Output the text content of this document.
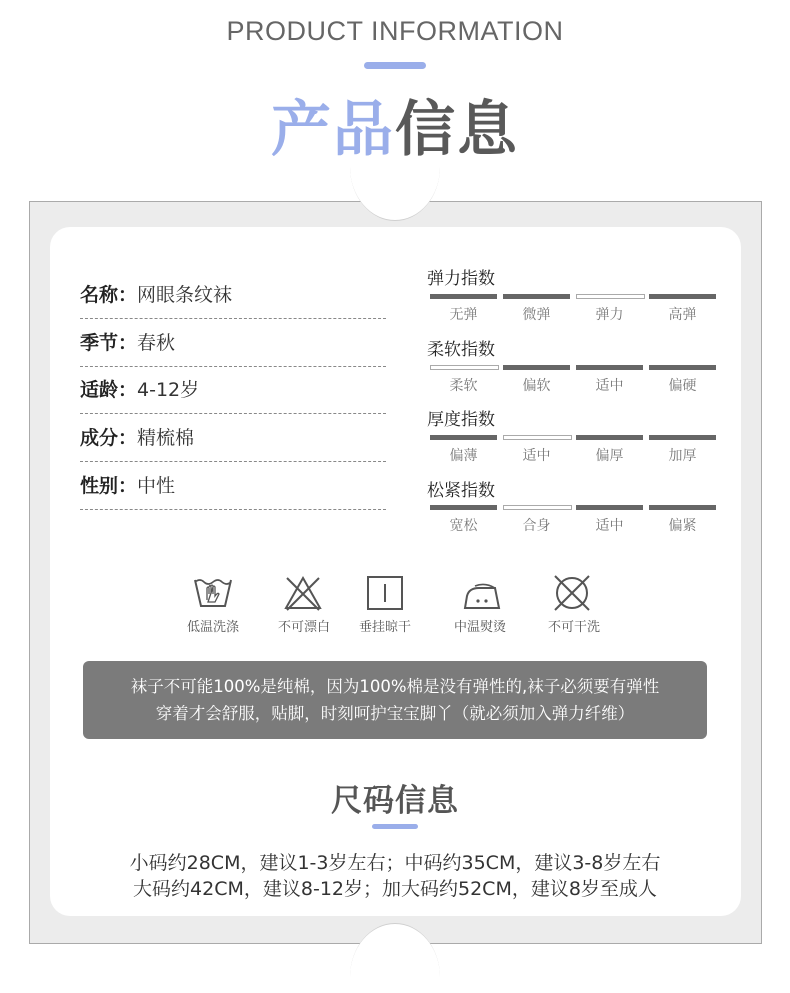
PRODUCT INFORMATION
产品信息
名称：网眼条纹袜
季节：春秋
适龄：4-12岁
成分：精梳棉
性别：中性
弹力指数
无弹	微弹	弹力	高弹
柔软指数
柔软	偏软	适中	偏硬
厚度指数
偏薄	适中	偏厚	加厚
松紧指数
宽松	合身	适中	偏紧
低温洗涤	不可漂白	垂挂晾干	中温熨烫	不可干洗
袜子不可能100%是纯棉，因为100%棉是没有弹性的,袜子必须要有弹性
穿着才会舒服，贴脚，时刻呵护宝宝脚丫（就必须加入弹力纤维）
尺码信息
小码约28CM，建议1-3岁左右；中码约35CM，建议3-8岁左右
大码约42CM，建议8-12岁；加大码约52CM，建议8岁至成人
